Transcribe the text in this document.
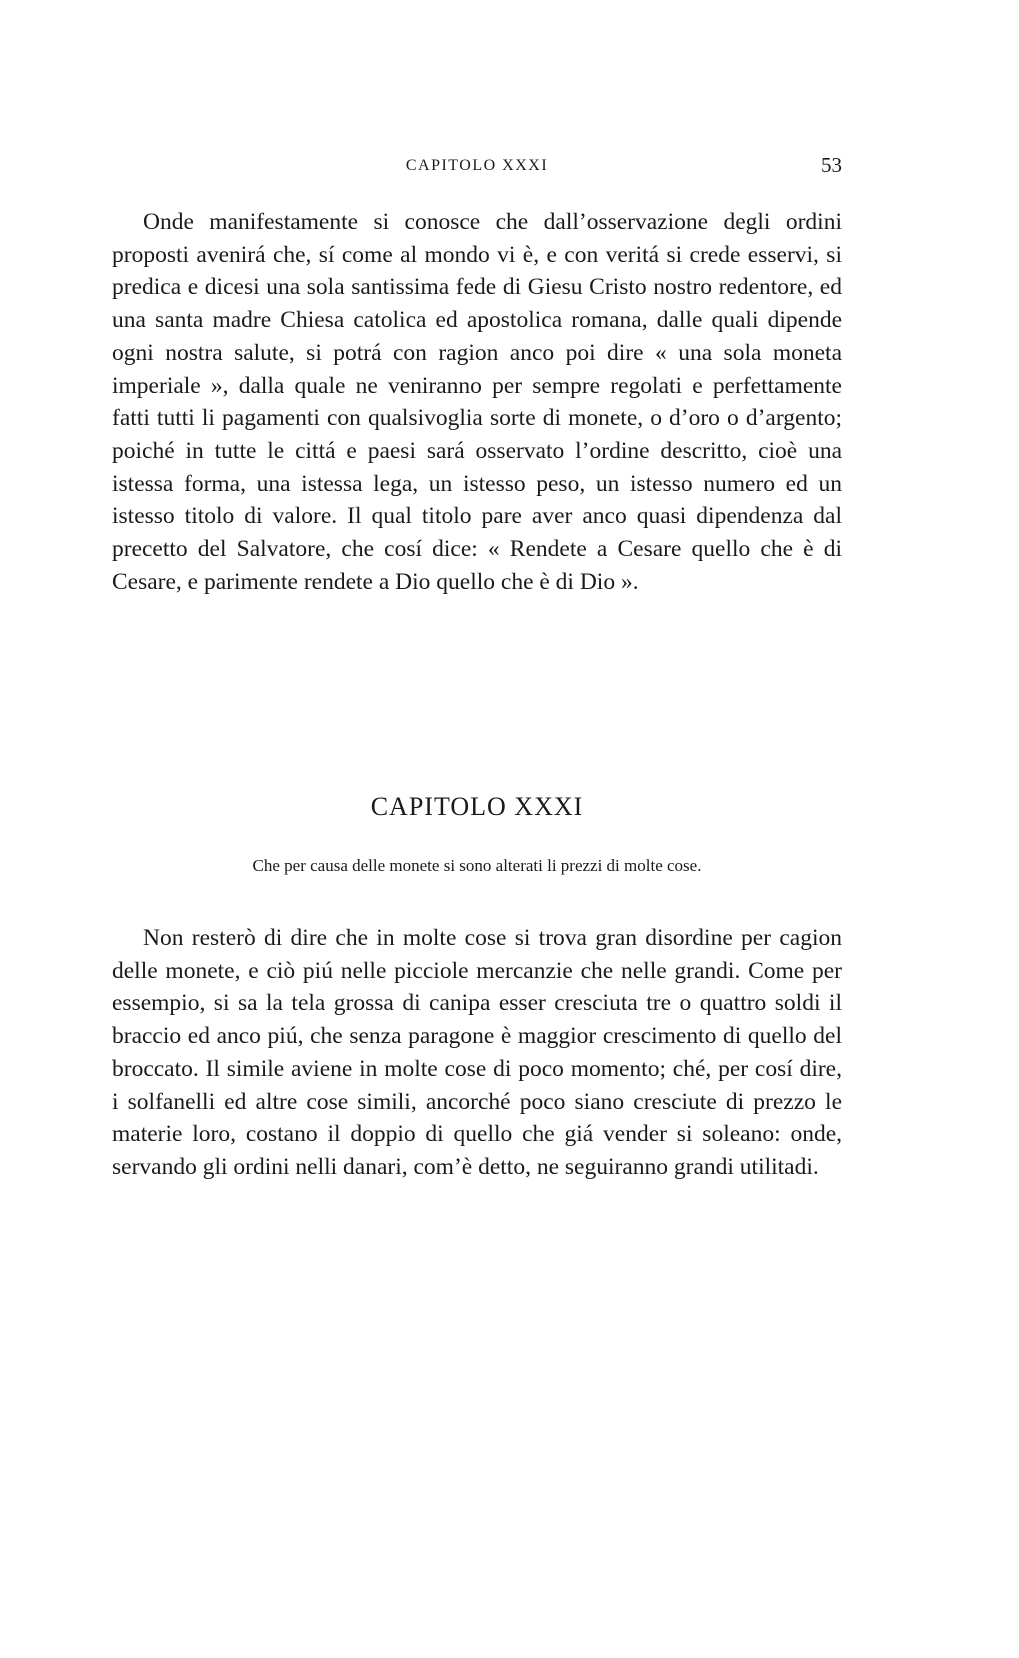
CAPITOLO XXXI	53

Onde manifestamente si conosce che dall’osservazione degli ordini proposti avenirá che, sí come al mondo vi è, e con veritá si crede esservi, si predica e dicesi una sola santissima fede di Giesu Cristo nostro redentore, ed una santa madre Chiesa catolica ed apostolica romana, dalle quali dipende ogni nostra salute, si potrá con ragion anco poi dire « una sola moneta imperiale », dalla quale ne veniranno per sempre regolati e perfettamente fatti tutti li pagamenti con qualsivoglia sorte di monete, o d’oro o d’argento; poiché in tutte le cittá e paesi sará osservato l’ordine descritto, cioè una istessa forma, una istessa lega, un istesso peso, un istesso numero ed un istesso titolo di valore. Il qual titolo pare aver anco quasi dipendenza dal precetto del Salvatore, che cosí dice: « Rendete a Cesare quello che è di Cesare, e parimente rendete a Dio quello che è di Dio ».

CAPITOLO XXXI
Che per causa delle monete si sono alterati li prezzi di molte cose.

Non resterò di dire che in molte cose si trova gran disordine per cagion delle monete, e ciò piú nelle picciole mercanzie che nelle grandi. Come per essempio, si sa la tela grossa di canipa esser cresciuta tre o quattro soldi il braccio ed anco piú, che senza paragone è maggior crescimento di quello del broccato. Il simile aviene in molte cose di poco momento; ché, per cosí dire, i solfanelli ed altre cose simili, ancorché poco siano cresciute di prezzo le materie loro, costano il doppio di quello che giá vender si soleano: onde, servando gli ordini nelli danari, com’è detto, ne seguiranno grandi utilitadi.
